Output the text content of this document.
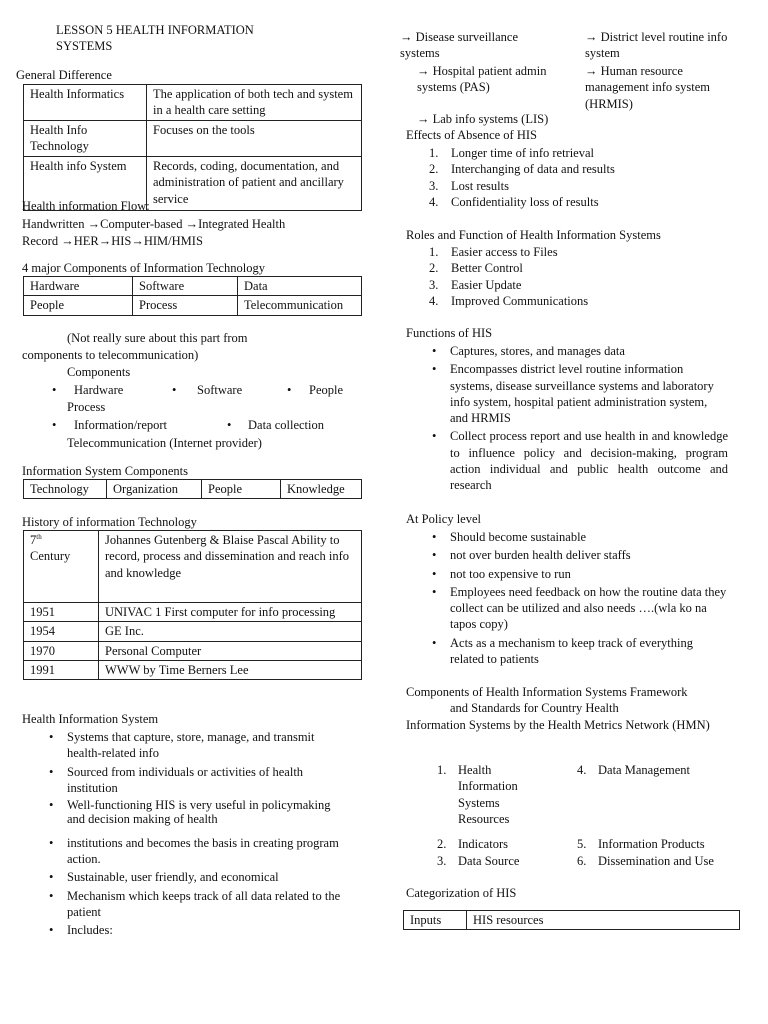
LESSON 5 HEALTH INFORMATION SYSTEMS
General Difference
Health Informatics	The application of both tech and system in a health care setting
Health Info Technology	Focuses on the tools
Health info System	Records, coding, documentation, and administration of patient and ancillary service
Health information Flow:
Handwritten →Computer-based →Integrated Health
Record →HER→HIS→HIM/HMIS
4 major Components of Information Technology
Hardware	Software	Data
People	Process	Telecommunication
(Not really sure about this part from
components to telecommunication)
Components
• Hardware	• Software	• People
Process
• Information/report	• Data collection
Telecommunication (Internet provider)
Information System Components
Technology	Organization	People	Knowledge
History of information Technology
7th
Century	Johannes Gutenberg & Blaise Pascal Ability to record, process and dissemination and reach info and knowledge
1951	UNIVAC 1 First computer for info processing
1954	GE Inc.
1970	Personal Computer
1991	WWW by Time Berners Lee
Health Information System
• Systems that capture, store, manage, and transmit health-related info
• Sourced from individuals or activities of health institution
• Well-functioning HIS is very useful in policymaking and decision making of health
• institutions and becomes the basis in creating program action.
• Sustainable, user friendly, and economical
• Mechanism which keeps track of all data related to the patient
• Includes:
→ Disease surveillance systems
→ District level routine info system
→ Hospital patient admin systems (PAS)
→ Human resource management info system (HRMIS)
→ Lab info systems (LIS)
Effects of Absence of HIS
1. Longer time of info retrieval
2. Interchanging of data and results
3. Lost results
4. Confidentiality loss of results
Roles and Function of Health Information Systems
1. Easier access to Files
2. Better Control
3. Easier Update
4. Improved Communications
Functions of HIS
• Captures, stores, and manages data
• Encompasses district level routine information systems, disease surveillance systems and laboratory info system, hospital patient administration system, and HRMIS
• Collect process report and use health in and knowledge to influence policy and decision-making, program action individual and public health outcome and research
At Policy level
• Should become sustainable
• not over burden health deliver staffs
• not too expensive to run
• Employees need feedback on how the routine data they collect can be utilized and also needs ….(wla ko na tapos copy)
• Acts as a mechanism to keep track of everything related to patients
Components of Health Information Systems Framework
and Standards for Country Health
Information Systems by the Health Metrics Network (HMN)
1. Health Information Systems Resources
4. Data Management
2. Indicators	5. Information Products
3. Data Source	6. Dissemination and Use
Categorization of HIS
Inputs	HIS resources
